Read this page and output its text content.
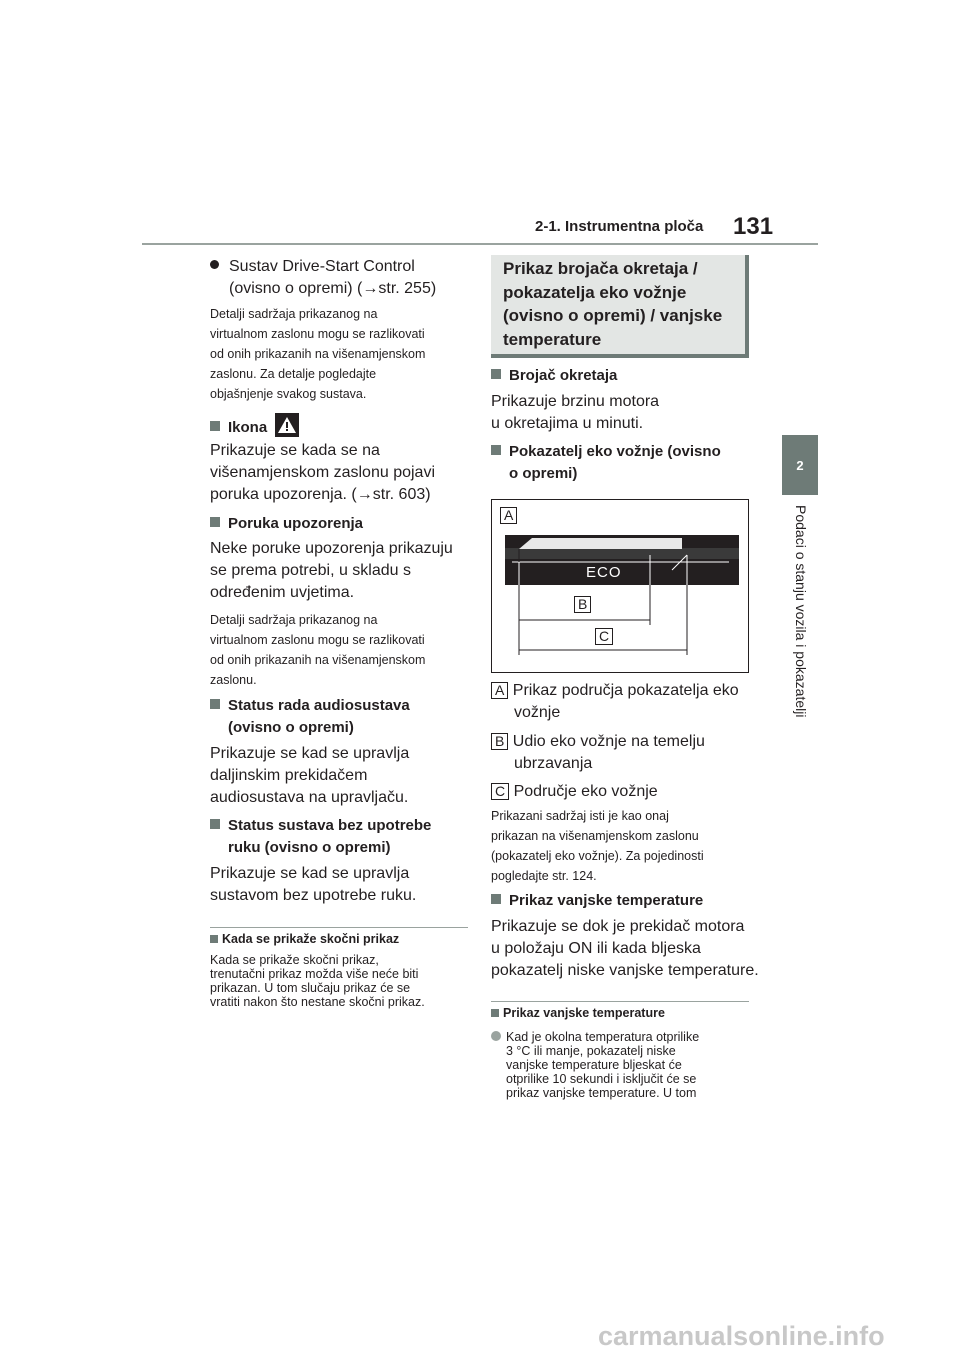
2-1. Instrumentna ploča 131
2
Podaci o stanju vozila i pokazatelji
Sustav Drive-Start Control
(ovisno o opremi) (→str. 255)
Detalji sadržaja prikazanog na
virtualnom zaslonu mogu se razlikovati
od onih prikazanih na višenamjenskom
zaslonu. Za detalje pogledajte
objašnjenje svakog sustava.
Ikona
Prikazuje se kada se na
višenamjenskom zaslonu pojavi
poruka upozorenja. (→str. 603)
Poruka upozorenja
Neke poruke upozorenja prikazuju
se prema potrebi, u skladu s
određenim uvjetima.
Detalji sadržaja prikazanog na
virtualnom zaslonu mogu se razlikovati
od onih prikazanih na višenamjenskom
zaslonu.
Status rada audiosustava
(ovisno o opremi)
Prikazuje se kad se upravlja
daljinskim prekidačem
audiosustava na upravljaču.
Status sustava bez upotrebe
ruku (ovisno o opremi)
Prikazuje se kad se upravlja
sustavom bez upotrebe ruku.
Kada se prikaže skočni prikaz
Kada se prikaže skočni prikaz,
trenutačni prikaz možda više neće biti
prikazan. U tom slučaju prikaz će se
vratiti nakon što nestane skočni prikaz.
Prikaz brojača okretaja /
pokazatelja eko vožnje
(ovisno o opremi) / vanjske
temperature
Brojač okretaja
Prikazuje brzinu motora
u okretajima u minuti.
Pokazatelj eko vožnje (ovisno
o opremi)
A
ECO
B
C
A Prikaz područja pokazatelja eko
vožnje
B Udio eko vožnje na temelju
ubrzavanja
C Područje eko vožnje
Prikazani sadržaj isti je kao onaj
prikazan na višenamjenskom zaslonu
(pokazatelj eko vožnje). Za pojedinosti
pogledajte str. 124.
Prikaz vanjske temperature
Prikazuje se dok je prekidač motora
u položaju ON ili kada bljeska
pokazatelj niske vanjske temperature.
Prikaz vanjske temperature
Kad je okolna temperatura otprilike
3 °C ili manje, pokazatelj niske
vanjske temperature bljeskat će
otprilike 10 sekundi i isključit će se
prikaz vanjske temperature. U tom
carmanualsonline.info
